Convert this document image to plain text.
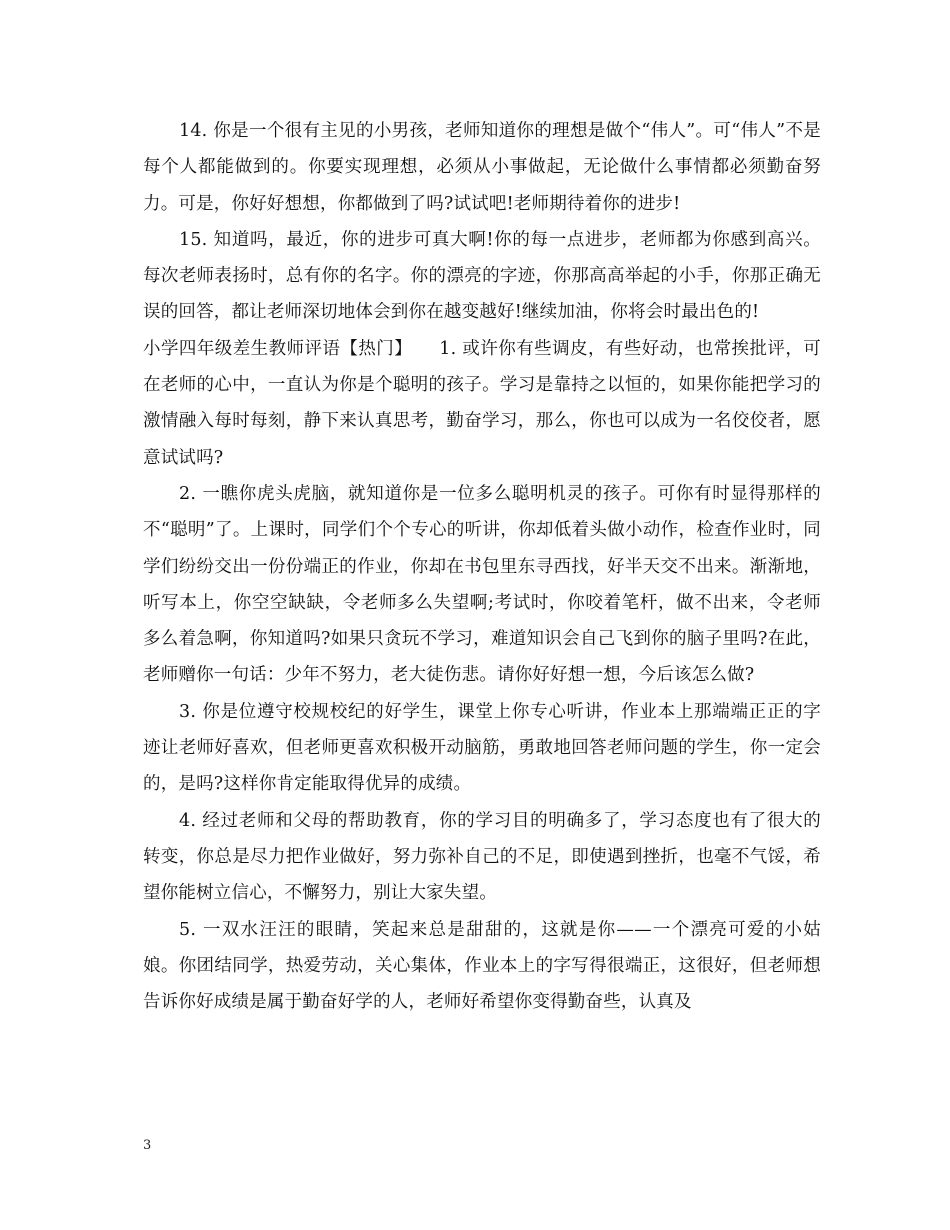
14. 你是一个很有主见的小男孩，老师知道你的理想是做个“伟人”。可“伟人”不是每个人都能做到的。你要实现理想，必须从小事做起，无论做什么事情都必须勤奋努力。可是，你好好想想，你都做到了吗?试试吧!老师期待着你的进步!

15. 知道吗，最近，你的进步可真大啊!你的每一点进步，老师都为你感到高兴。每次老师表扬时，总有你的名字。你的漂亮的字迹，你那高高举起的小手，你那正确无误的回答，都让老师深切地体会到你在越变越好!继续加油，你将会时最出色的!

小学四年级差生教师评语【热门】　　1. 或许你有些调皮，有些好动，也常挨批评，可在老师的心中，一直认为你是个聪明的孩子。学习是靠持之以恒的，如果你能把学习的激情融入每时每刻，静下来认真思考，勤奋学习，那么，你也可以成为一名佼佼者，愿意试试吗?

2. 一瞧你虎头虎脑，就知道你是一位多么聪明机灵的孩子。可你有时显得那样的不“聪明”了。上课时，同学们个个专心的听讲，你却低着头做小动作，检查作业时，同学们纷纷交出一份份端正的作业，你却在书包里东寻西找，好半天交不出来。渐渐地，听写本上，你空空缺缺，令老师多么失望啊;考试时，你咬着笔杆，做不出来，令老师多么着急啊，你知道吗?如果只贪玩不学习，难道知识会自己飞到你的脑子里吗?在此，老师赠你一句话：少年不努力，老大徒伤悲。请你好好想一想，今后该怎么做?

3. 你是位遵守校规校纪的好学生，课堂上你专心听讲，作业本上那端端正正的字迹让老师好喜欢，但老师更喜欢积极开动脑筋，勇敢地回答老师问题的学生，你一定会的，是吗?这样你肯定能取得优异的成绩。

4. 经过老师和父母的帮助教育，你的学习目的明确多了，学习态度也有了很大的转变，你总是尽力把作业做好，努力弥补自己的不足，即使遇到挫折，也毫不气馁，希望你能树立信心，不懈努力，别让大家失望。

5. 一双水汪汪的眼睛，笑起来总是甜甜的，这就是你——一个漂亮可爱的小姑娘。你团结同学，热爱劳动，关心集体，作业本上的字写得很端正，这很好，但老师想告诉你好成绩是属于勤奋好学的人，老师好希望你变得勤奋些，认真及

3
